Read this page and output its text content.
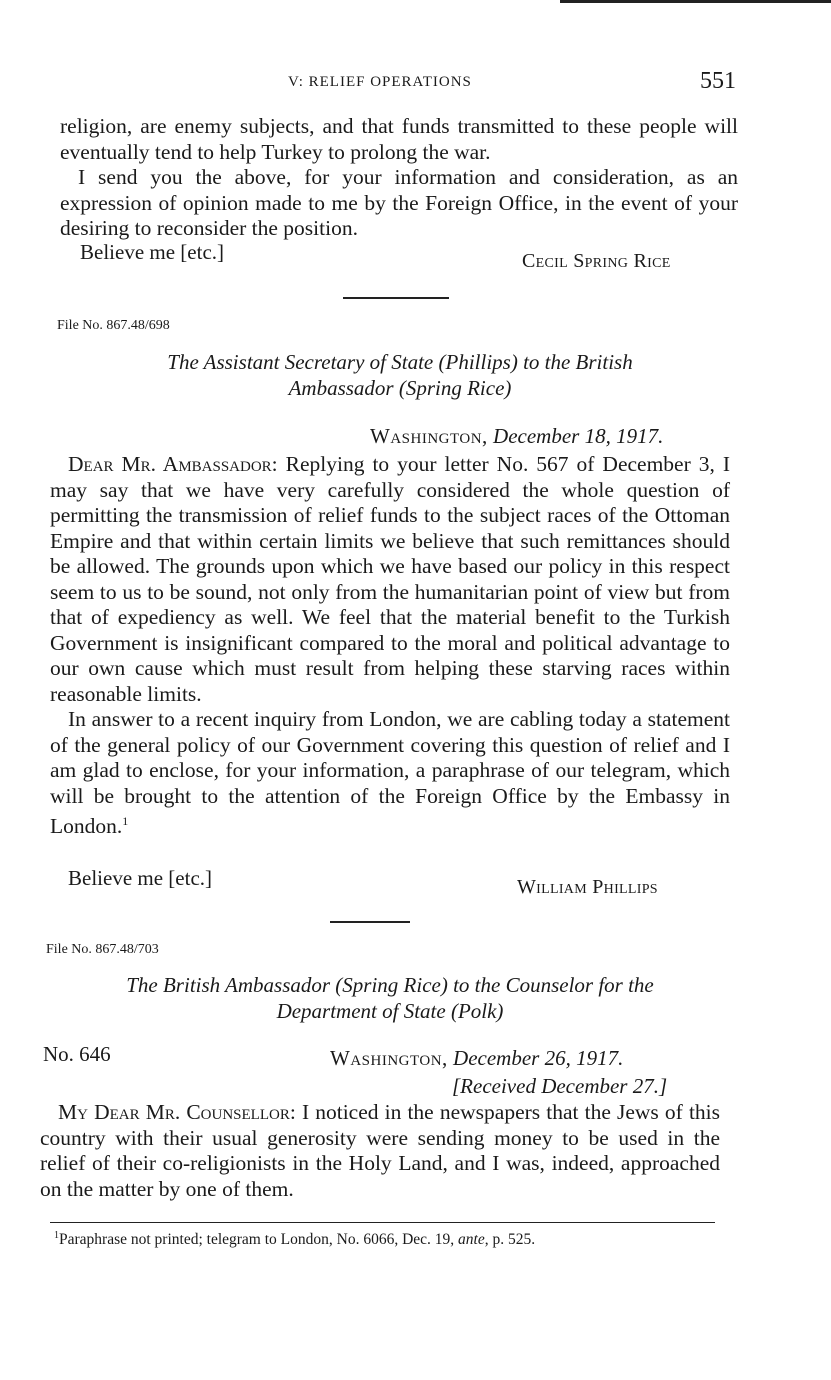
V: RELIEF OPERATIONS	551

religion, are enemy subjects, and that funds transmitted to these people will eventually tend to help Turkey to prolong the war.

I send you the above, for your information and consideration, as an expression of opinion made to me by the Foreign Office, in the event of your desiring to reconsider the position.

Believe me [etc.]	Cecil Spring Rice
File No. 867.48/698
The Assistant Secretary of State (Phillips) to the British
Ambassador (Spring Rice)
Washington, December 18, 1917.

Dear Mr. Ambassador: Replying to your letter No. 567 of December 3, I may say that we have very carefully considered the whole question of permitting the transmission of relief funds to the subject races of the Ottoman Empire and that within certain limits we believe that such remittances should be allowed. The grounds upon which we have based our policy in this respect seem to us to be sound, not only from the humanitarian point of view but from that of expediency as well. We feel that the material benefit to the Turkish Government is insignificant compared to the moral and political advantage to our own cause which must result from helping these starving races within reasonable limits.

In answer to a recent inquiry from London, we are cabling today a statement of the general policy of our Government covering this question of relief and I am glad to enclose, for your information, a paraphrase of our telegram, which will be brought to the attention of the Foreign Office by the Embassy in London.$^1$

Believe me [etc.]	William Phillips
File No. 867.48/703
The British Ambassador (Spring Rice) to the Counselor for the
Department of State (Polk)
No. 646	Washington, December 26, 1917.
[Received December 27.]

My Dear Mr. Counsellor: I noticed in the newspapers that the Jews of this country with their usual generosity were sending money to be used in the relief of their co-religionists in the Holy Land, and I was, indeed, approached on the matter by one of them.

$^1$Paraphrase not printed; telegram to London, No. 6066, Dec. 19, ante, p. 525.
